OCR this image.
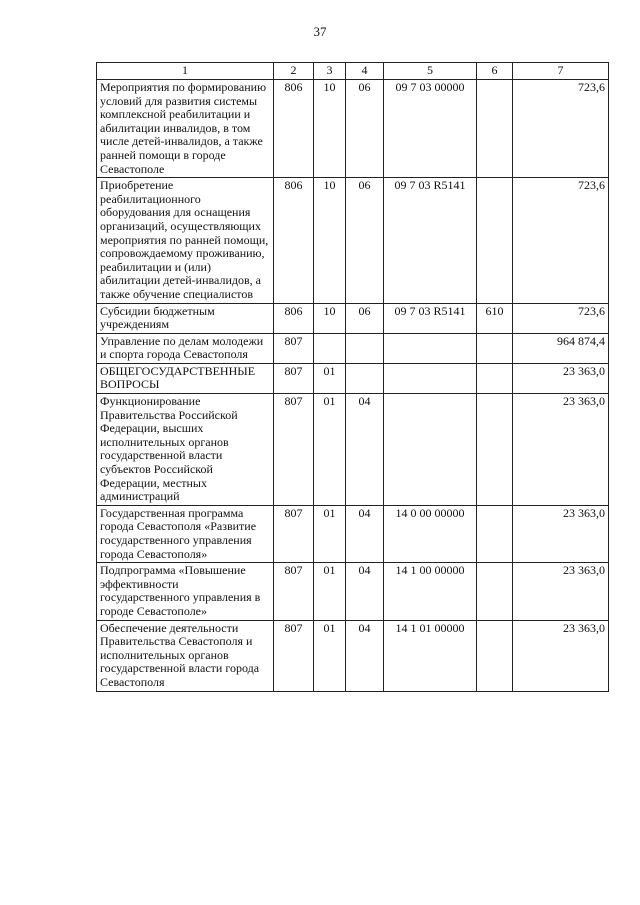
37
1	2	3	4	5	6	7
Мероприятия по формированию условий для развития системы комплексной реабилитации и абилитации инвалидов, в том числе детей-инвалидов, а также ранней помощи в городе Севастополе	806	10	06	09 7 03 00000		723,6
Приобретение реабилитационного оборудования для оснащения организаций, осуществляющих мероприятия по ранней помощи, сопровождаемому проживанию, реабилитации и (или) абилитации детей-инвалидов, а также обучение специалистов	806	10	06	09 7 03 R5141		723,6
Субсидии бюджетным учреждениям	806	10	06	09 7 03 R5141	610	723,6
Управление по делам молодежи и спорта города Севастополя	807					964 874,4
ОБЩЕГОСУДАРСТВЕННЫЕ ВОПРОСЫ	807	01				23 363,0
Функционирование Правительства Российской Федерации, высших исполнительных органов государственной власти субъектов Российской Федерации, местных администраций	807	01	04			23 363,0
Государственная программа города Севастополя «Развитие государственного управления города Севастополя»	807	01	04	14 0 00 00000		23 363,0
Подпрограмма «Повышение эффективности государственного управления в городе Севастополе»	807	01	04	14 1 00 00000		23 363,0
Обеспечение деятельности Правительства Севастополя и исполнительных органов государственной власти города Севастополя	807	01	04	14 1 01 00000		23 363,0
